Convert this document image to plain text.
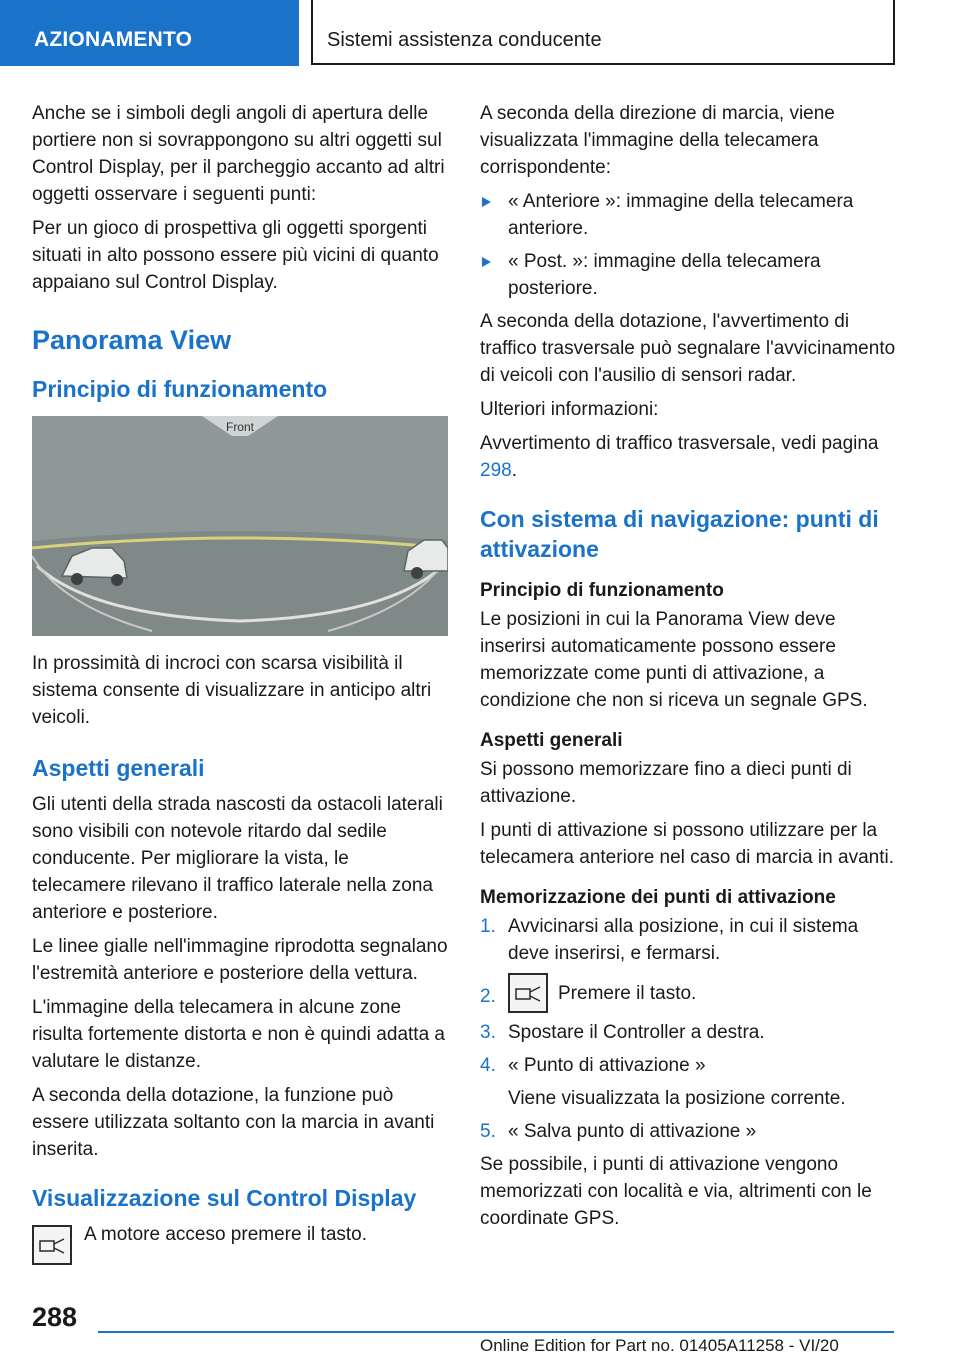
AZIONAMENTO	Sistemi assistenza conducente

Anche se i simboli degli angoli di apertura delle portiere non si sovrappongono su altri oggetti sul Control Display, per il parcheggio accanto ad altri oggetti osservare i seguenti punti:

Per un gioco di prospettiva gli oggetti sporgenti situati in alto possono essere più vicini di quanto appaiano sul Control Display.

Panorama View
Principio di funzionamento
Front

In prossimità di incroci con scarsa visibilità il sistema consente di visualizzare in anticipo altri veicoli.

Aspetti generali

Gli utenti della strada nascosti da ostacoli laterali sono visibili con notevole ritardo dal sedile conducente. Per migliorare la vista, le telecamere rilevano il traffico laterale nella zona anteriore e posteriore.

Le linee gialle nell'immagine riprodotta segnalano l'estremità anteriore e posteriore della vettura.

L'immagine della telecamera in alcune zone risulta fortemente distorta e non è quindi adatta a valutare le distanze.

A seconda della dotazione, la funzione può essere utilizzata soltanto con la marcia in avanti inserita.

Visualizzazione sul Control Display

A motore acceso premere il tasto.

A seconda della direzione di marcia, viene visualizzata l'immagine della telecamera corrispondente:

« Anteriore »: immagine della telecamera anteriore.
« Post. »: immagine della telecamera posteriore.

A seconda della dotazione, l'avvertimento di traffico trasversale può segnalare l'avvicinamento di veicoli con l'ausilio di sensori radar.

Ulteriori informazioni:

Avvertimento di traffico trasversale, vedi pagina 298.

Con sistema di navigazione: punti di attivazione
Principio di funzionamento

Le posizioni in cui la Panorama View deve inserirsi automaticamente possono essere memorizzate come punti di attivazione, a condizione che non si riceva un segnale GPS.

Aspetti generali

Si possono memorizzare fino a dieci punti di attivazione.

I punti di attivazione si possono utilizzare per la telecamera anteriore nel caso di marcia in avanti.

Memorizzazione dei punti di attivazione
1. Avvicinarsi alla posizione, in cui il sistema deve inserirsi, e fermarsi.
2.	Premere il tasto.
3. Spostare il Controller a destra.
4. « Punto di attivazione »
Viene visualizzata la posizione corrente.
5. « Salva punto di attivazione »

Se possibile, i punti di attivazione vengono memorizzati con località e via, altrimenti con le coordinate GPS.

288
Online Edition for Part no. 01405A11258 - VI/20
